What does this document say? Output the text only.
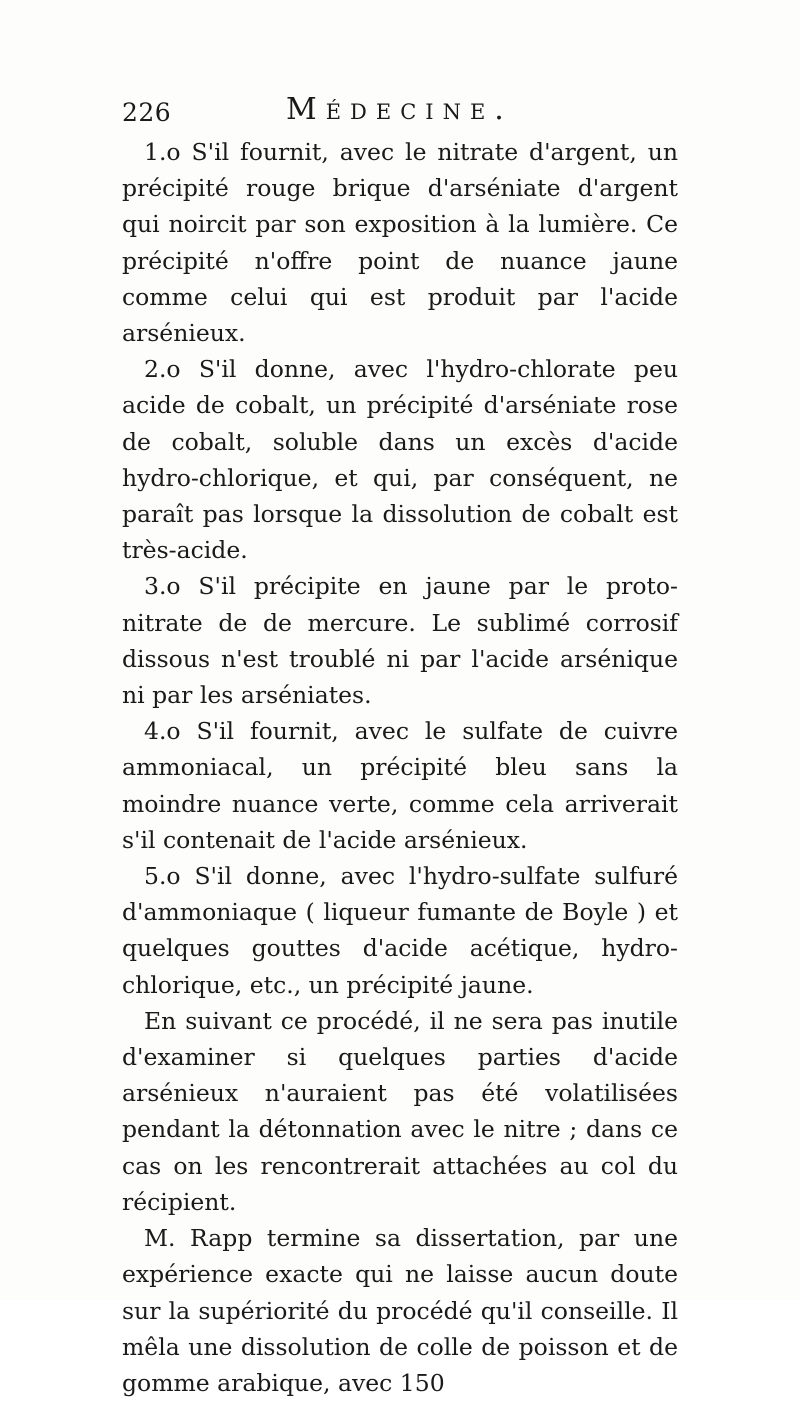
226	Médecine.

1.o S'il fournit, avec le nitrate d'argent, un précipité rouge brique d'arséniate d'argent qui noircit par son exposition à la lumière. Ce précipité n'offre point de nuance jaune comme celui qui est produit par l'acide arsénieux.

2.o S'il donne, avec l'hydro-chlorate peu acide de cobalt, un précipité d'arséniate rose de cobalt, soluble dans un excès d'acide hydro-chlorique, et qui, par conséquent, ne paraît pas lorsque la dissolution de cobalt est très-acide.

3.o S'il précipite en jaune par le proto-nitrate de de mercure. Le sublimé corrosif dissous n'est troublé ni par l'acide arsénique ni par les arséniates.

4.o S'il fournit, avec le sulfate de cuivre ammoniacal, un précipité bleu sans la moindre nuance verte, comme cela arriverait s'il contenait de l'acide arsénieux.

5.o S'il donne, avec l'hydro-sulfate sulfuré d'ammoniaque ( liqueur fumante de Boyle ) et quelques gouttes d'acide acétique, hydro-chlorique, etc., un précipité jaune.

En suivant ce procédé, il ne sera pas inutile d'examiner si quelques parties d'acide arsénieux n'auraient pas été volatilisées pendant la détonnation avec le nitre ; dans ce cas on les rencontrerait attachées au col du récipient.

M. Rapp termine sa dissertation, par une expérience exacte qui ne laisse aucun doute sur la supériorité du procédé qu'il conseille. Il mêla une dissolution de colle de poisson et de gomme arabique, avec 150
